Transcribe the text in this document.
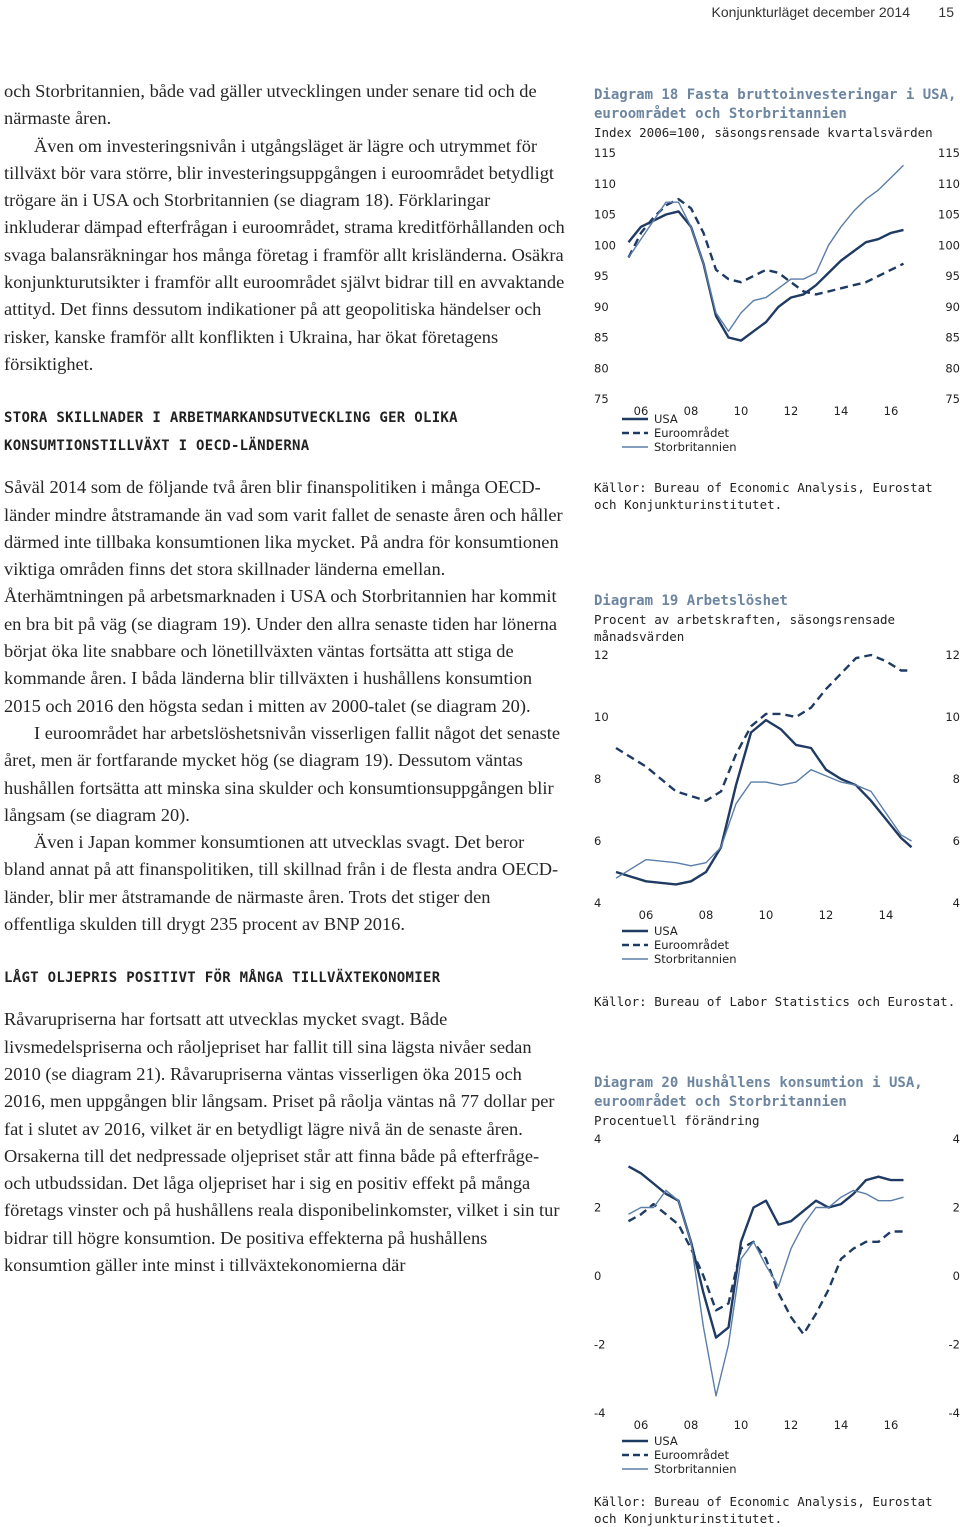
Konjunkturläget december 2014 15

och Storbritannien, både vad gäller utvecklingen under senare tid och de närmaste åren.

Även om investeringsnivån i utgångsläget är lägre och utrymmet för tillväxt bör vara större, blir investeringsuppgången i euroområdet betydligt trögare än i USA och Storbritannien (se diagram 18). Förklaringar inkluderar dämpad efterfrågan i euroområdet, strama kreditförhållanden och svaga balansräkningar hos många företag i framför allt krisländerna. Osäkra konjunkturutsikter i framför allt euroområdet självt bidrar till en avvaktande attityd. Det finns dessutom indikationer på att geopolitiska händelser och risker, kanske framför allt konflikten i Ukraina, har ökat företagens försiktighet.

STORA SKILLNADER I ARBETMARKANDSUTVECKLING GER OLIKA KONSUMTIONSTILLVÄXT I OECD-LÄNDERNA

Såväl 2014 som de följande två åren blir finanspolitiken i många OECD-länder mindre åtstramande än vad som varit fallet de senaste åren och håller därmed inte tillbaka konsumtionen lika mycket. På andra för konsumtionen viktiga områden finns det stora skillnader länderna emellan. Återhämtningen på arbetsmarknaden i USA och Storbritannien har kommit en bra bit på väg (se diagram 19). Under den allra senaste tiden har lönerna börjat öka lite snabbare och lönetillväxten väntas fortsätta att stiga de kommande åren. I båda länderna blir tillväxten i hushållens konsumtion 2015 och 2016 den högsta sedan i mitten av 2000-talet (se diagram 20).

I euroområdet har arbetslöshetsnivån visserligen fallit något det senaste året, men är fortfarande mycket hög (se diagram 19). Dessutom väntas hushållen fortsätta att minska sina skulder och konsumtionsuppgången blir långsam (se diagram 20).

Även i Japan kommer konsumtionen att utvecklas svagt. Det beror bland annat på att finanspolitiken, till skillnad från i de flesta andra OECD-länder, blir mer åtstramande de närmaste åren. Trots det stiger den offentliga skulden till drygt 235 procent av BNP 2016.

LÅGT OLJEPRIS POSITIVT FÖR MÅNGA TILLVÄXTEKONOMIER

Råvarupriserna har fortsatt att utvecklas mycket svagt. Både livsmedelspriserna och råoljepriset har fallit till sina lägsta nivåer sedan 2010 (se diagram 21). Råvarupriserna väntas visserligen öka 2015 och 2016, men uppgången blir långsam. Priset på råolja väntas nå 77 dollar per fat i slutet av 2016, vilket är en betydligt lägre nivå än de senaste åren. Orsakerna till det nedpressade oljepriset står att finna både på efterfråge- och utbudssidan. Det låga oljepriset har i sig en positiv effekt på många företags vinster och på hushållens reala disponibelinkomster, vilket i sin tur bidrar till högre konsumtion. De positiva effekterna på hushållens konsumtion gäller inte minst i tillväxtekonomierna där

Diagram 18 Fasta bruttoinvesteringar i USA, euroområdet och Storbritannien
Index 2006=100, säsongsrensade kvartalsvärden
75	75
80	80
85	85
90	90
95	95
100	100
105	105
110	110
115	115
06	08	10	12	14	16
USA
Euroområdet
Storbritannien
Källor: Bureau of Economic Analysis, Eurostat och Konjunkturinstitutet.
Diagram 19 Arbetslöshet
Procent av arbetskraften, säsongsrensade månadsvärden
4	4
6	6
8	8
10	10
12	12
06	08	10	12	14
USA
Euroområdet
Storbritannien
Källor: Bureau of Labor Statistics och Eurostat.
Diagram 20 Hushållens konsumtion i USA, euroområdet och Storbritannien
Procentuell förändring
-4	-4
-2	-2
0	0
2	2
4	4
06	08	10	12	14	16
USA
Euroområdet
Storbritannien
Källor: Bureau of Economic Analysis, Eurostat och Konjunkturinstitutet.
